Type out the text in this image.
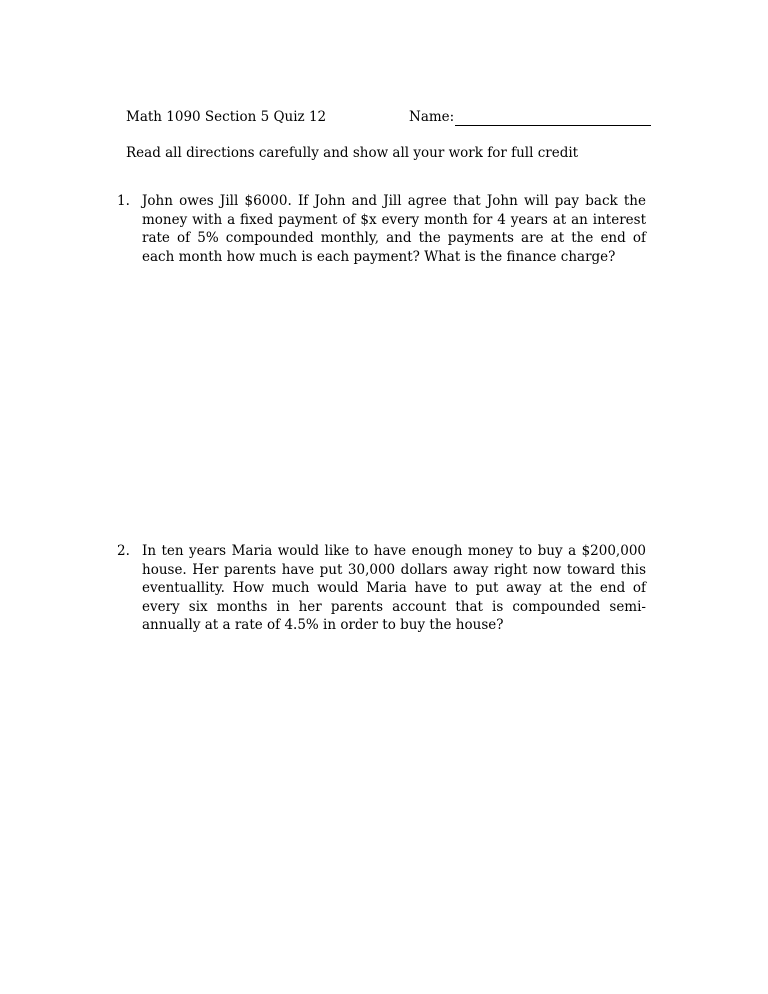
Math 1090 Section 5 Quiz 12	Name:
Read all directions carefully and show all your work for full credit
1. John owes Jill $6000. If John and Jill agree that John will pay back the money with a fixed payment of $x every month for 4 years at an interest rate of 5% compounded monthly, and the payments are at the end of each month how much is each payment? What is the finance charge?
2. In ten years Maria would like to have enough money to buy a $200,000 house. Her parents have put 30,000 dollars away right now toward this eventuallity. How much would Maria have to put away at the end of every six months in her parents account that is compounded semi-annually at a rate of 4.5% in order to buy the house?
